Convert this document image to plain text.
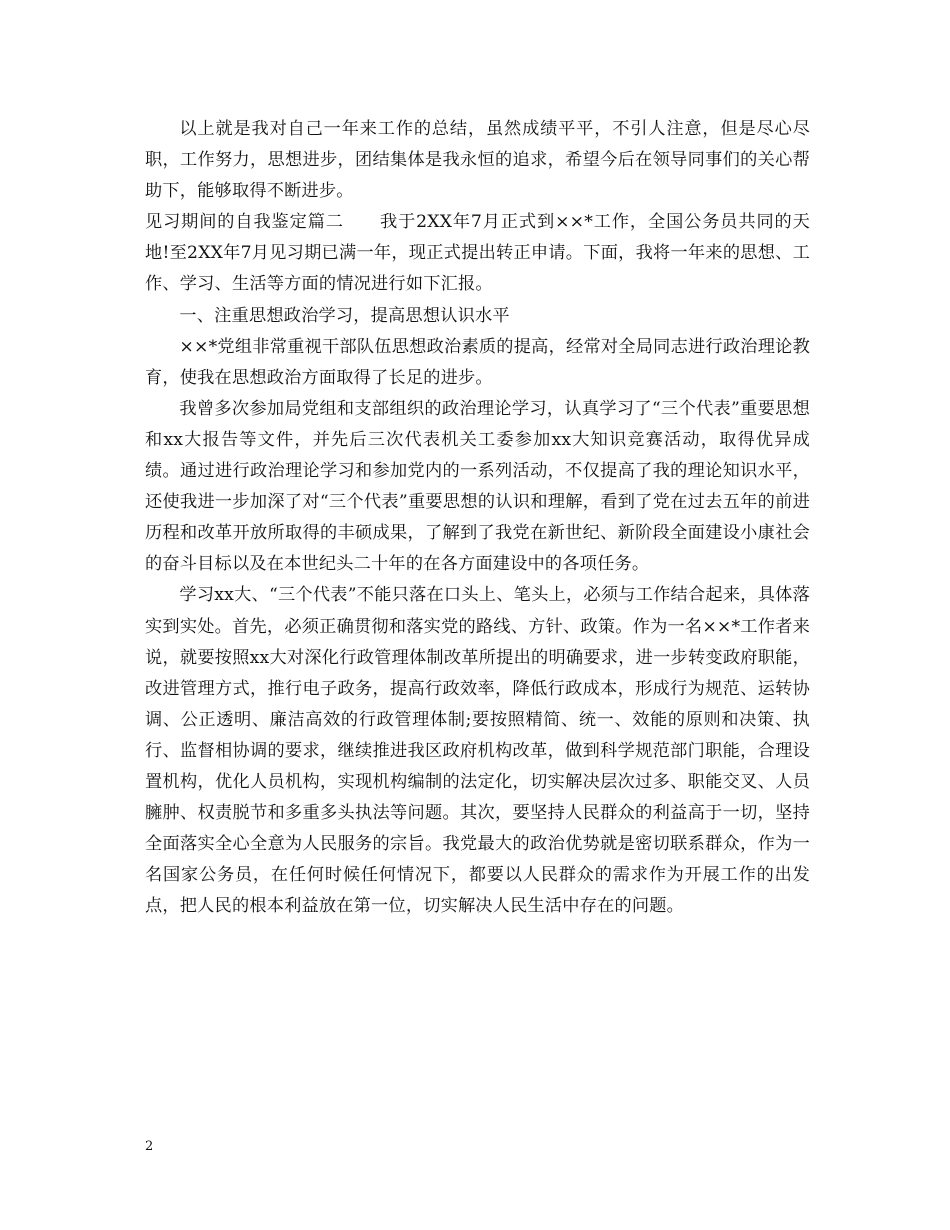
以上就是我对自己一年来工作的总结，虽然成绩平平，不引人注意，但是尽心尽职，工作努力，思想进步，团结集体是我永恒的追求，希望今后在领导同事们的关心帮助下，能够取得不断进步。

见习期间的自我鉴定篇二　　我于2XX年7月正式到××*工作，全国公务员共同的天地!至2XX年7月见习期已满一年，现正式提出转正申请。下面，我将一年来的思想、工作、学习、生活等方面的情况进行如下汇报。

一、注重思想政治学习，提高思想认识水平

××*党组非常重视干部队伍思想政治素质的提高，经常对全局同志进行政治理论教育，使我在思想政治方面取得了长足的进步。

我曾多次参加局党组和支部组织的政治理论学习，认真学习了“三个代表”重要思想和xx大报告等文件，并先后三次代表机关工委参加xx大知识竞赛活动，取得优异成绩。通过进行政治理论学习和参加党内的一系列活动，不仅提高了我的理论知识水平，还使我进一步加深了对“三个代表”重要思想的认识和理解，看到了党在过去五年的前进历程和改革开放所取得的丰硕成果，了解到了我党在新世纪、新阶段全面建设小康社会的奋斗目标以及在本世纪头二十年的在各方面建设中的各项任务。

学习xx大、“三个代表”不能只落在口头上、笔头上，必须与工作结合起来，具体落实到实处。首先，必须正确贯彻和落实党的路线、方针、政策。作为一名××*工作者来说，就要按照xx大对深化行政管理体制改革所提出的明确要求，进一步转变政府职能，改进管理方式，推行电子政务，提高行政效率，降低行政成本，形成行为规范、运转协调、公正透明、廉洁高效的行政管理体制;要按照精简、统一、效能的原则和决策、执行、监督相协调的要求，继续推进我区政府机构改革，做到科学规范部门职能，合理设置机构，优化人员机构，实现机构编制的法定化，切实解决层次过多、职能交叉、人员臃肿、权责脱节和多重多头执法等问题。其次，要坚持人民群众的利益高于一切，坚持全面落实全心全意为人民服务的宗旨。我党最大的政治优势就是密切联系群众，作为一名国家公务员，在任何时候任何情况下，都要以人民群众的需求作为开展工作的出发点，把人民的根本利益放在第一位，切实解决人民生活中存在的问题。

2
